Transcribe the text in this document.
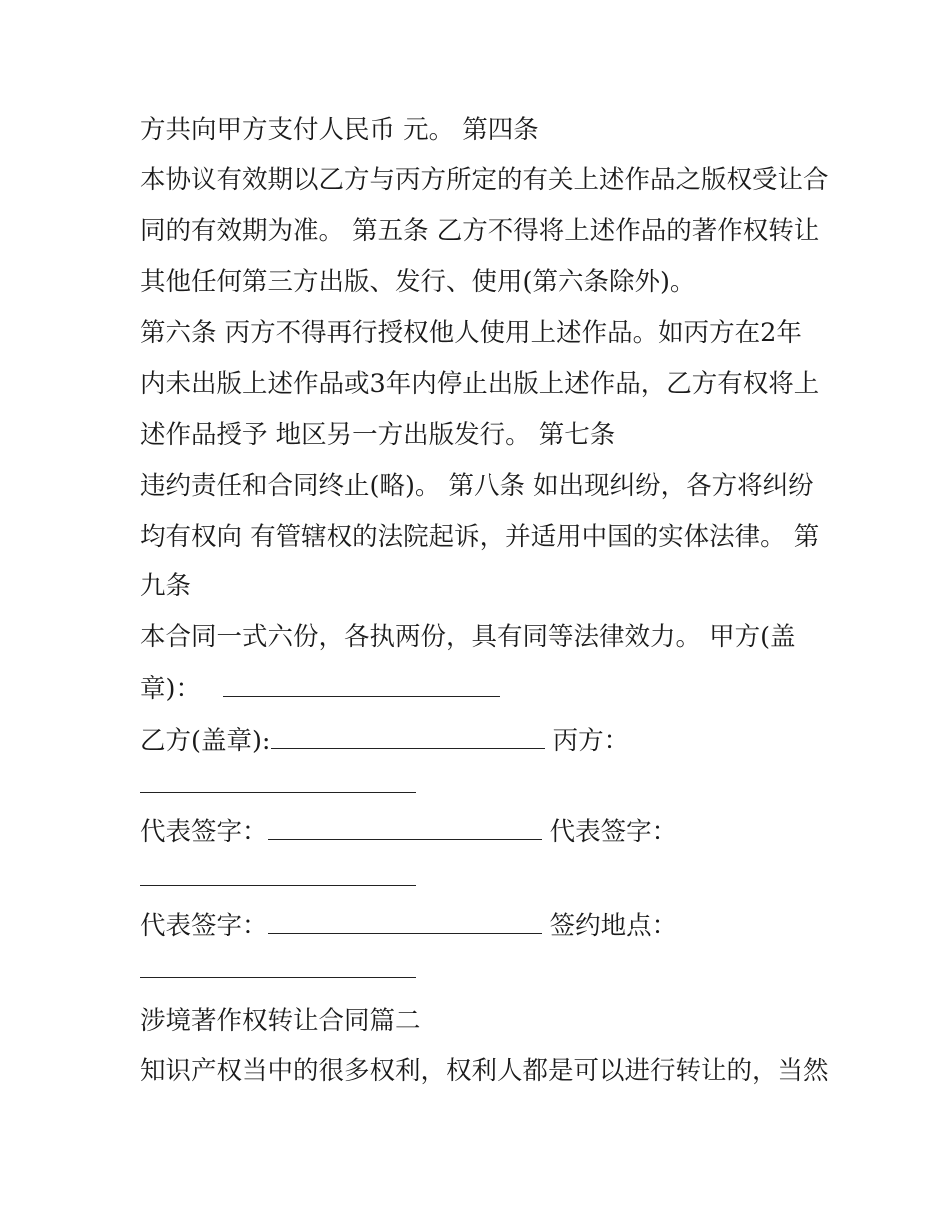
方共向甲方支付人民币 元。 第四条
本协议有效期以乙方与丙方所定的有关上述作品之版权受让合
同的有效期为准。 第五条 乙方不得将上述作品的著作权转让
其他任何第三方出版、发行、使用(第六条除外)。
第六条 丙方不得再行授权他人使用上述作品。如丙方在2年
内未出版上述作品或3年内停止出版上述作品，乙方有权将上
述作品授予 地区另一方出版发行。 第七条
违约责任和合同终止(略)。 第八条 如出现纠纷，各方将纠纷
均有权向 有管辖权的法院起诉，并适用中国的实体法律。 第
九条
本合同一式六份，各执两份，具有同等法律效力。 甲方(盖
章)：
乙方(盖章):	丙方：
代表签字：	代表签字：
代表签字：	签约地点：
涉境著作权转让合同篇二
知识产权当中的很多权利，权利人都是可以进行转让的，当然
